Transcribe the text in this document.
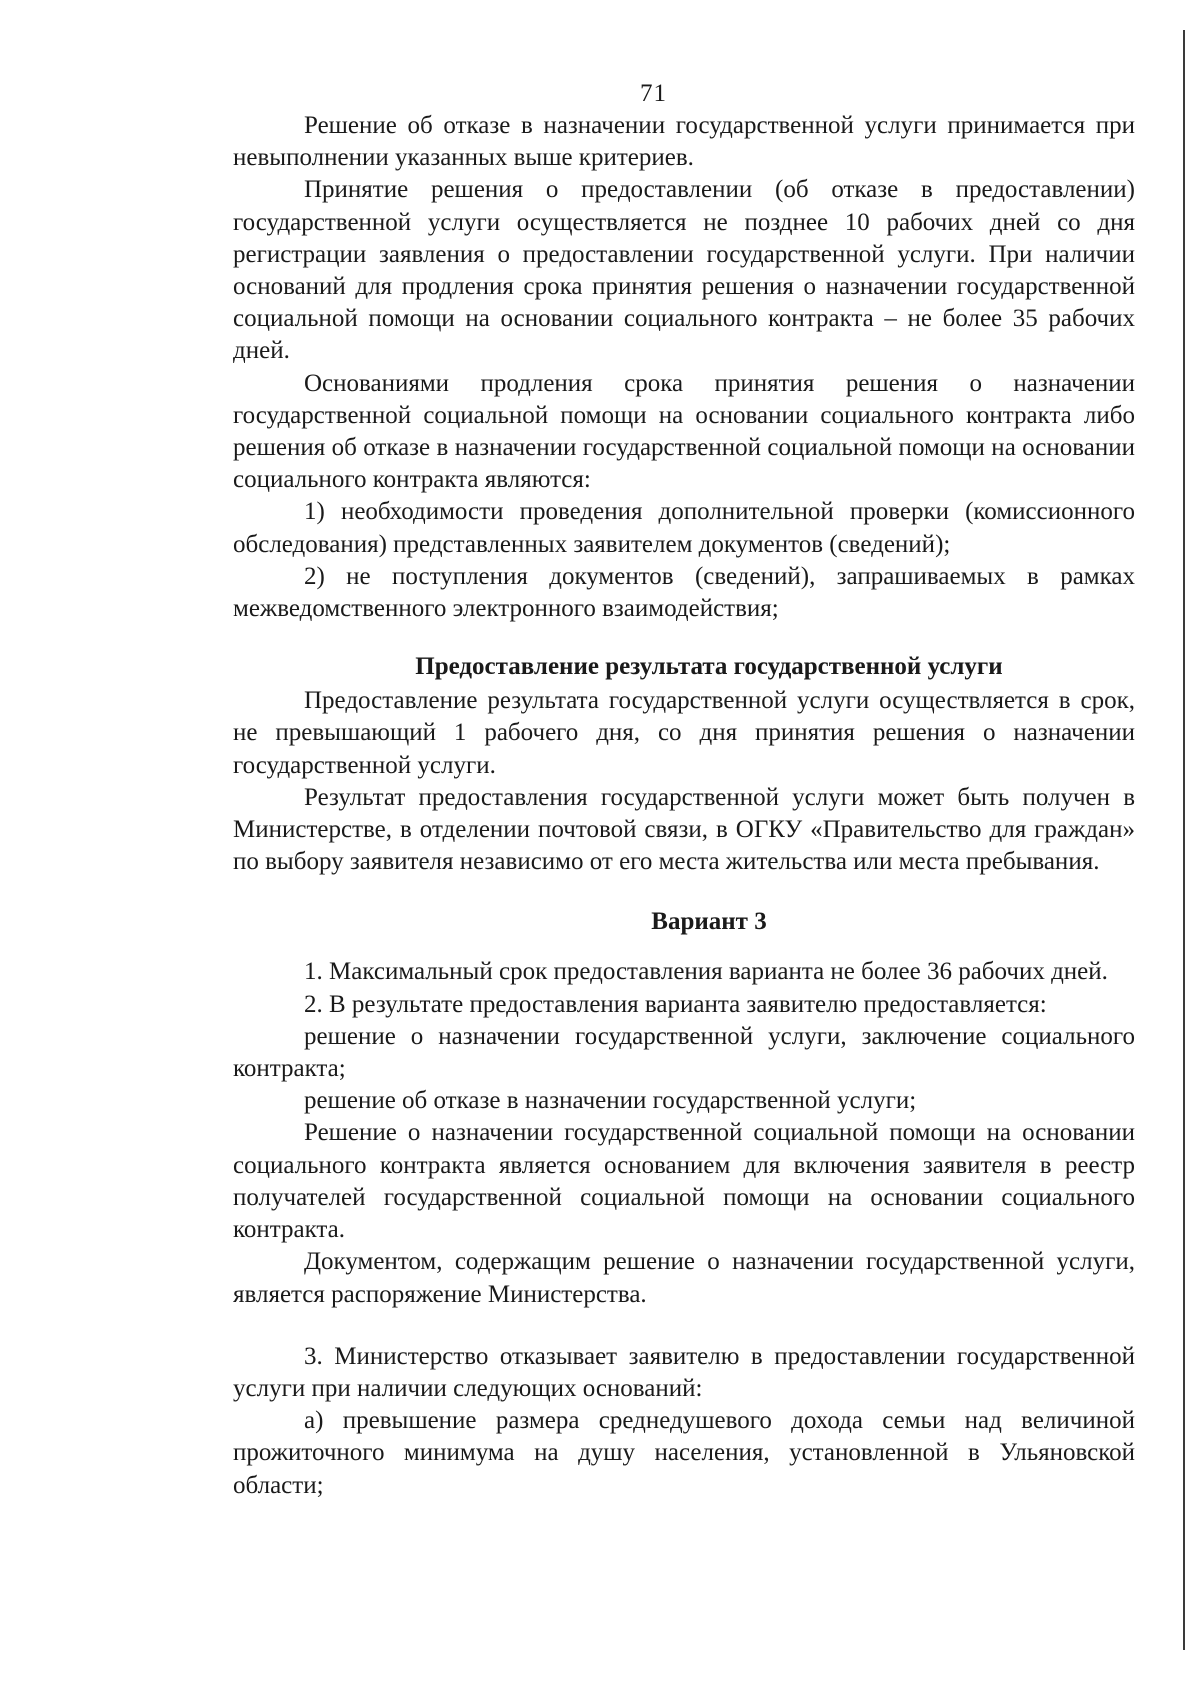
71

Решение об отказе в назначении государственной услуги принимается при невыполнении указанных выше критериев.

Принятие решения о предоставлении (об отказе в предоставлении) государственной услуги осуществляется не позднее 10 рабочих дней со дня регистрации заявления о предоставлении государственной услуги. При наличии оснований для продления срока принятия решения о назначении государственной социальной помощи на основании социального контракта – не более 35 рабочих дней.

Основаниями продления срока принятия решения о назначении государственной социальной помощи на основании социального контракта либо решения об отказе в назначении государственной социальной помощи на основании социального контракта являются:

1) необходимости проведения дополнительной проверки (комиссионного обследования) представленных заявителем документов (сведений);

2) не поступления документов (сведений), запрашиваемых в рамках межведомственного электронного взаимодействия;

Предоставление результата государственной услуги

Предоставление результата государственной услуги осуществляется в срок, не превышающий 1 рабочего дня, со дня принятия решения о назначении государственной услуги.

Результат предоставления государственной услуги может быть получен в Министерстве, в отделении почтовой связи, в ОГКУ «Правительство для граждан» по выбору заявителя независимо от его места жительства или места пребывания.

Вариант 3

1. Максимальный срок предоставления варианта не более 36 рабочих дней.

2. В результате предоставления варианта заявителю предоставляется:

решение о назначении государственной услуги, заключение социального контракта;

решение об отказе в назначении государственной услуги;

Решение о назначении государственной социальной помощи на основании социального контракта является основанием для включения заявителя в реестр получателей государственной социальной помощи на основании социального контракта.

Документом, содержащим решение о назначении государственной услуги, является распоряжение Министерства.

3. Министерство отказывает заявителю в предоставлении государственной услуги при наличии следующих оснований:

а) превышение размера среднедушевого дохода семьи над величиной прожиточного минимума на душу населения, установленной в Ульяновской области;
